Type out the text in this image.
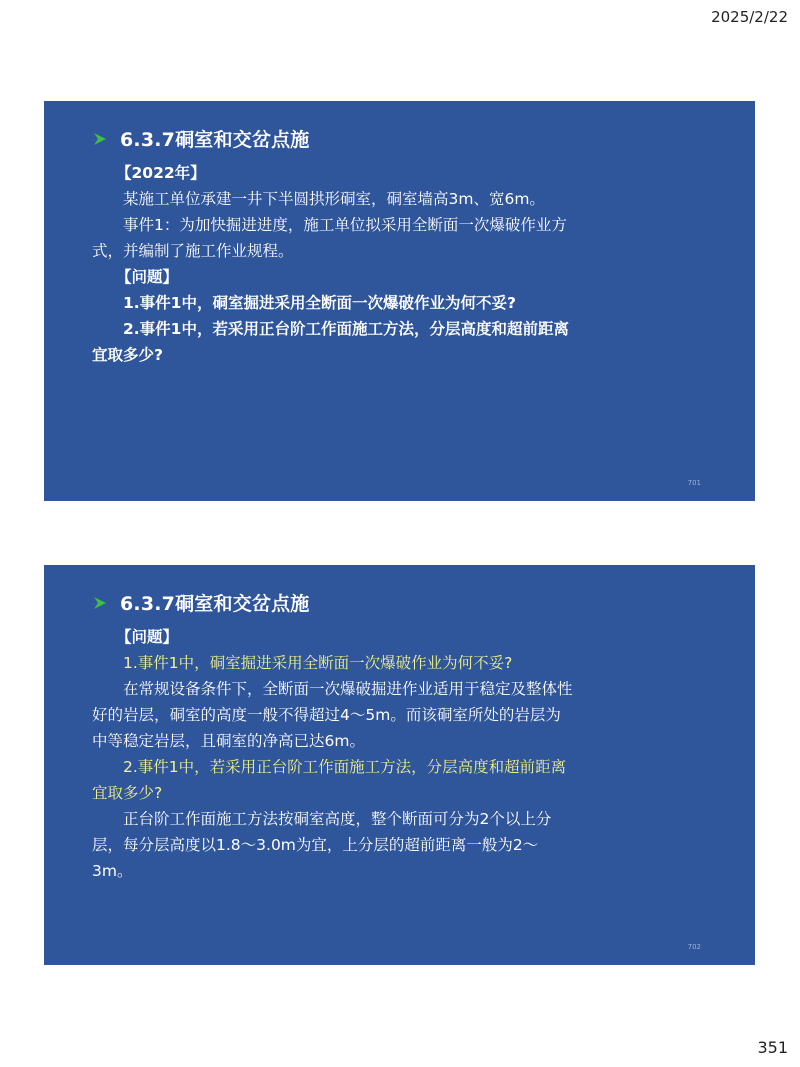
2025/2/22
6.3.7硐室和交岔点施

【2022年】

某施工单位承建一井下半圆拱形硐室，硐室墙高3m、宽6m。

事件1：为加快掘进进度，施工单位拟采用全断面一次爆破作业方式，并编制了施工作业规程。

【问题】

1.事件1中，硐室掘进采用全断面一次爆破作业为何不妥?

2.事件1中，若采用正台阶工作面施工方法，分层高度和超前距离宜取多少?

701
6.3.7硐室和交岔点施

【问题】

1.事件1中，硐室掘进采用全断面一次爆破作业为何不妥?

在常规设备条件下，全断面一次爆破掘进作业适用于稳定及整体性好的岩层，硐室的高度一般不得超过4～5m。而该硐室所处的岩层为中等稳定岩层，且硐室的净高已达6m。

2.事件1中，若采用正台阶工作面施工方法，分层高度和超前距离宜取多少?

正台阶工作面施工方法按硐室高度，整个断面可分为2个以上分层，每分层高度以1.8～3.0m为宜，上分层的超前距离一般为2～3m。

702
351
